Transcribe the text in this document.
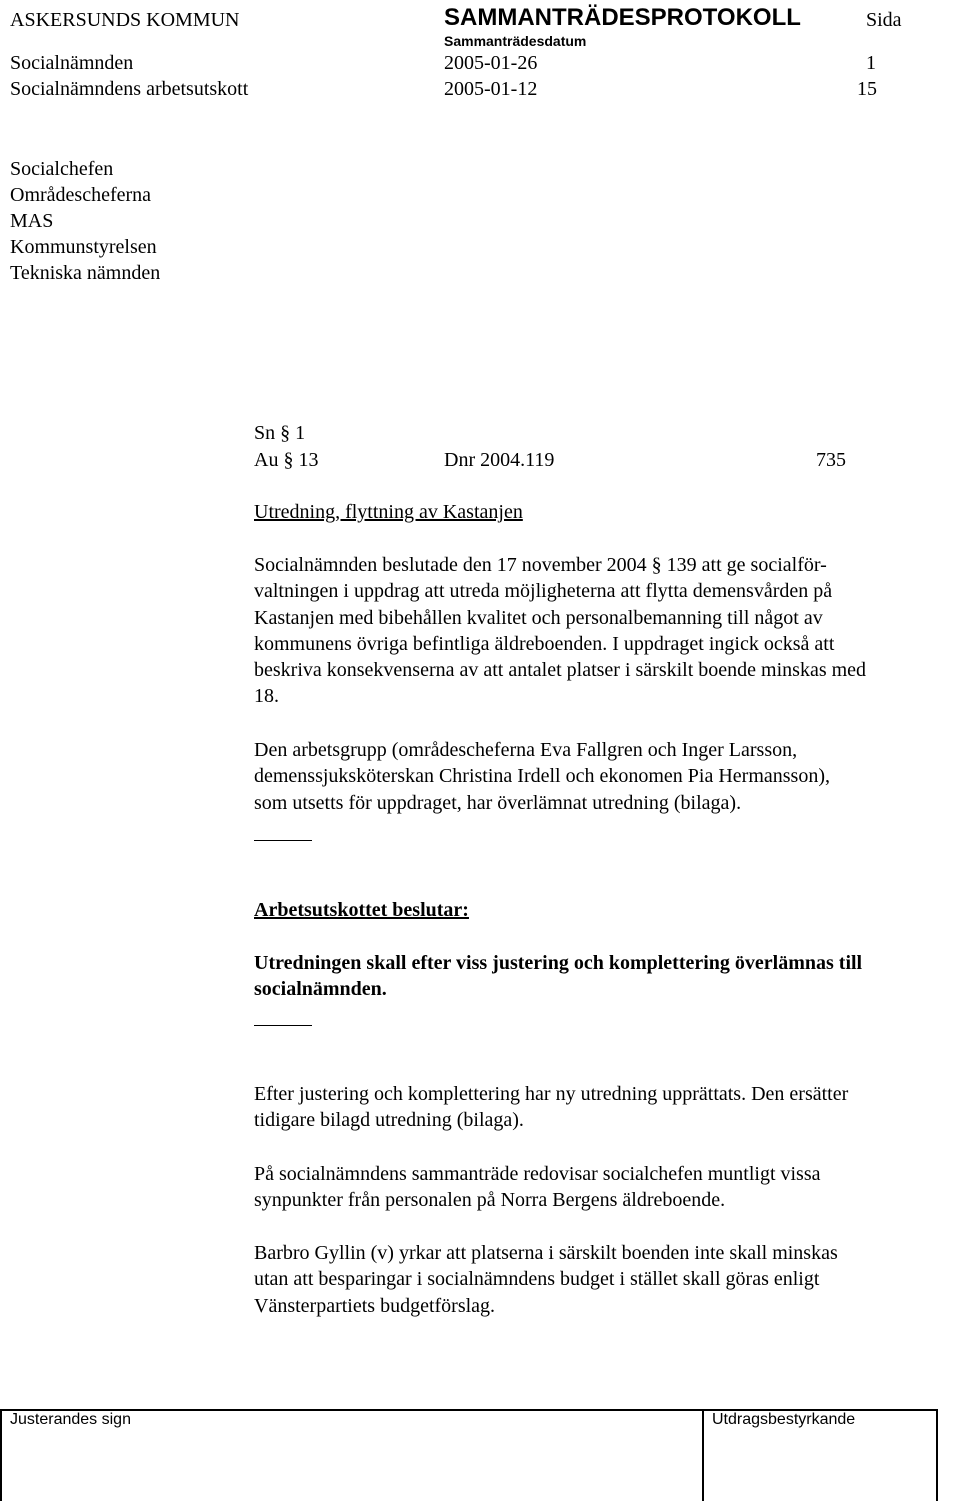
ASKERSUNDS KOMMUN	SAMMANTRÄDESPROTOKOLL	Sida
Sammanträdesdatum
Socialnämnden	2005-01-26	1
Socialnämndens arbetsutskott	2005-01-12	15
Socialchefen
Områdescheferna
MAS
Kommunstyrelsen
Tekniska nämnden
Sn § 1
Au § 13	Dnr 2004.119	735
Utredning, flyttning av Kastanjen
Socialnämnden beslutade den 17 november 2004 § 139 att ge socialför-
valtningen i uppdrag att utreda möjligheterna att flytta demensvården på
Kastanjen med bibehållen kvalitet och personalbemanning till något av
kommunens övriga befintliga äldreboenden. I uppdraget ingick också att
beskriva konsekvenserna av att antalet platser i särskilt boende minskas med
18.
Den arbetsgrupp (områdescheferna Eva Fallgren och Inger Larsson,
demenssjuksköterskan Christina Irdell och ekonomen Pia Hermansson),
som utsetts för uppdraget, har överlämnat utredning (bilaga).
Arbetsutskottet beslutar:
Utredningen skall efter viss justering och komplettering överlämnas till
socialnämnden.
Efter justering och komplettering har ny utredning upprättats. Den ersätter
tidigare bilagd utredning (bilaga).
På socialnämndens sammanträde redovisar socialchefen muntligt vissa
synpunkter från personalen på Norra Bergens äldreboende.
Barbro Gyllin (v) yrkar att platserna i särskilt boenden inte skall minskas
utan att besparingar i socialnämndens budget i stället skall göras enligt
Vänsterpartiets budgetförslag.
Justerandes sign	Utdragsbestyrkande
